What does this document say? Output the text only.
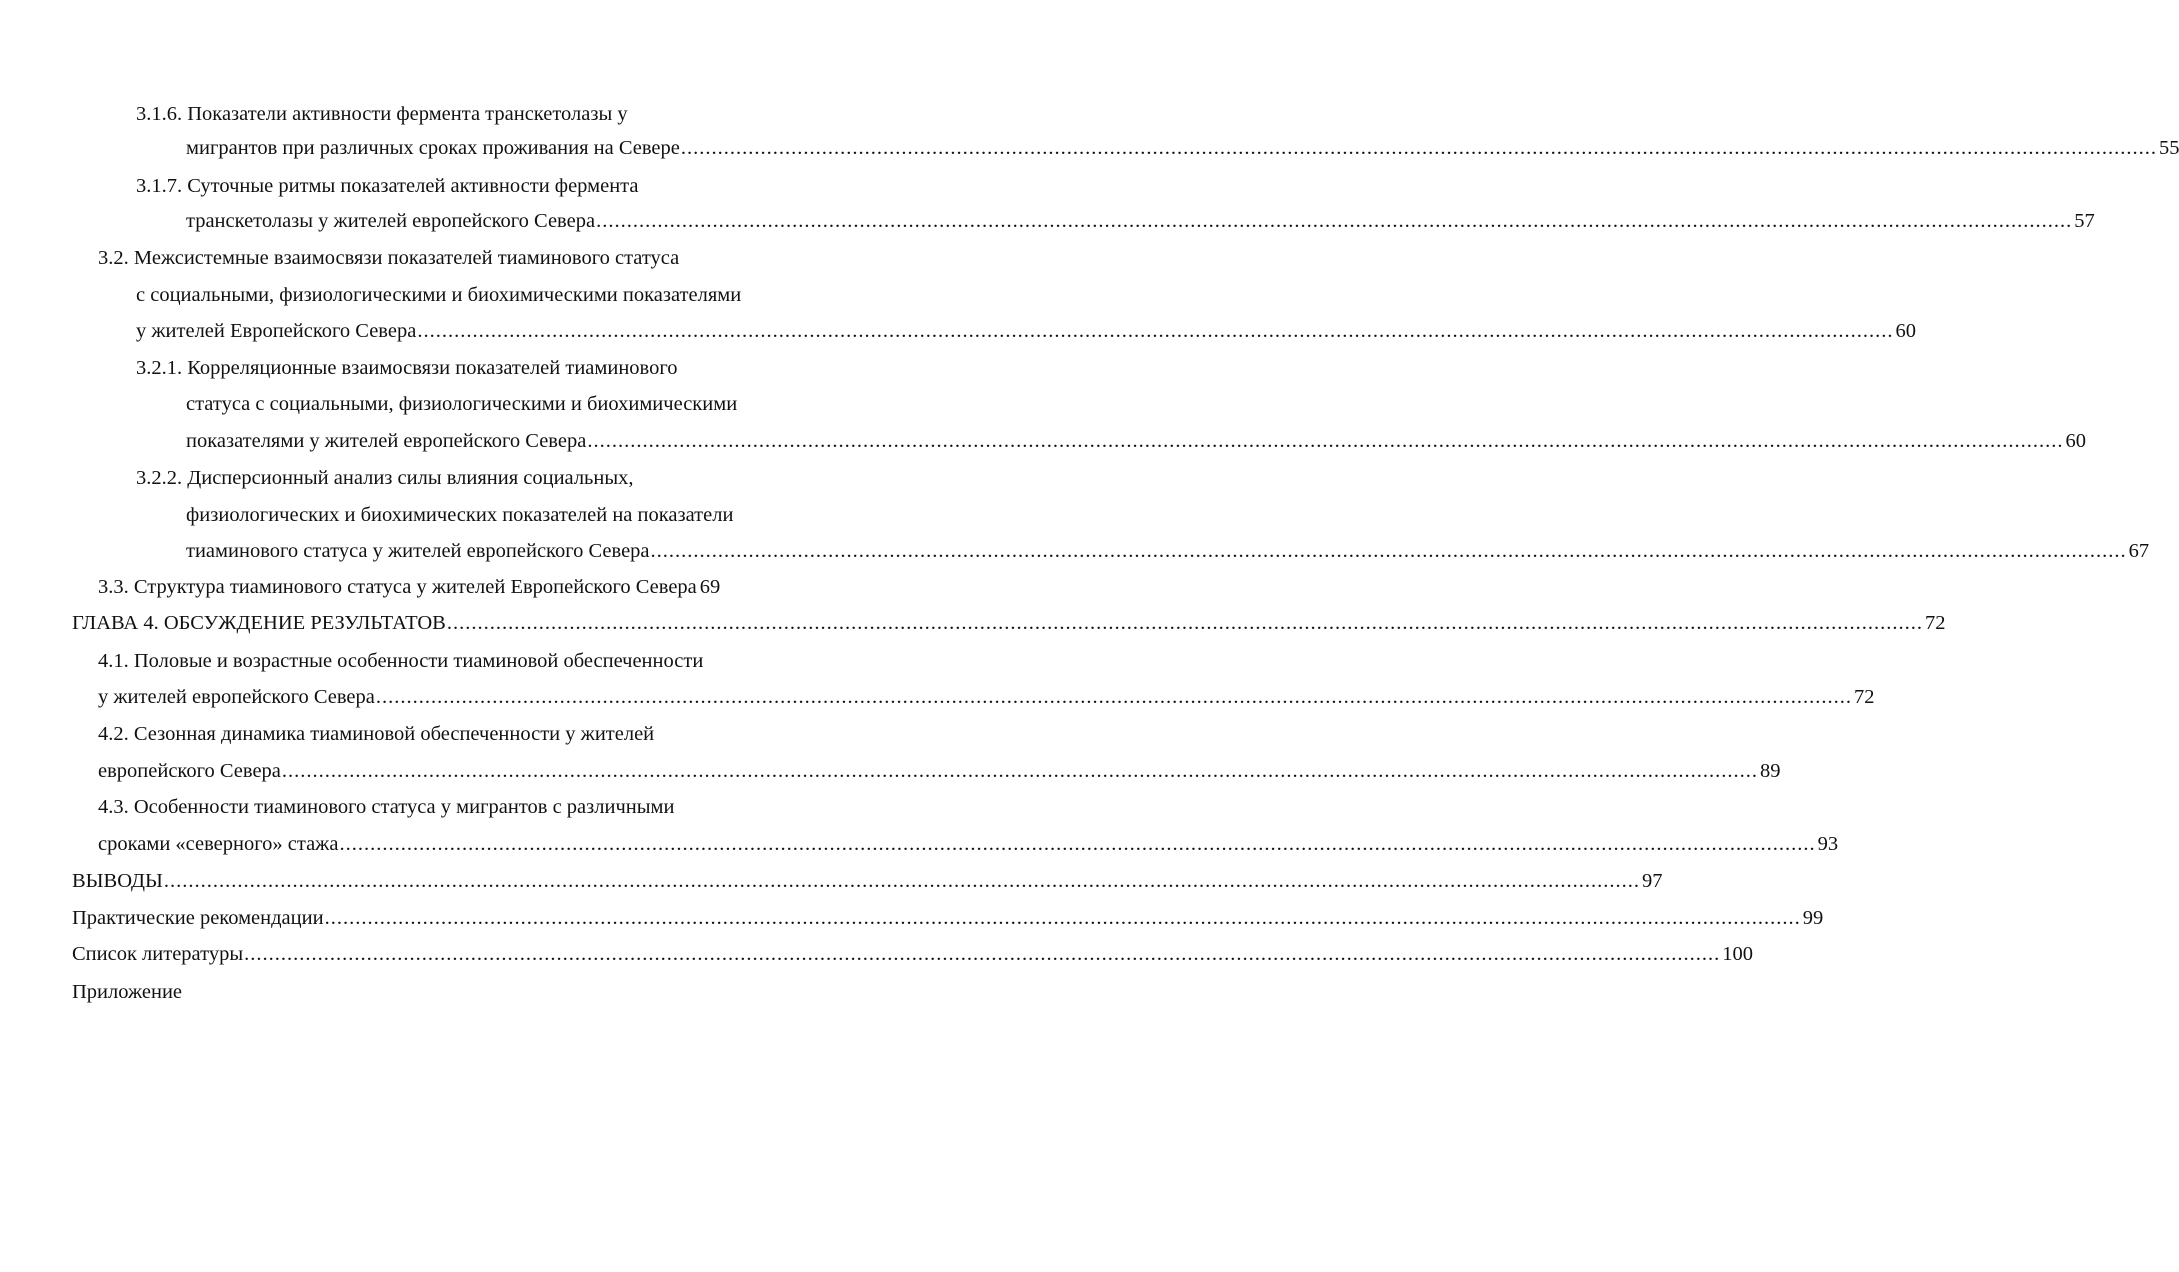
3.1.6. Показатели активности фермента транскетолазы у
мигрантов при различных сроках проживания на Севере .....	55
3.1.7. Суточные ритмы показателей активности фермента
транскетолазы у жителей европейского Севера .....	57
3.2. Межсистемные взаимосвязи показателей тиаминового статуса
с социальными, физиологическими и биохимическими показателями
у жителей Европейского Севера .....	60
3.2.1. Корреляционные взаимосвязи показателей тиаминового
статуса с социальными, физиологическими и биохимическими
показателями у жителей европейского Севера .....	60
3.2.2. Дисперсионный анализ силы влияния социальных,
физиологических и биохимических показателей на показатели
тиаминового статуса у жителей европейского Севера .....	67
3.3. Структура тиаминового статуса у жителей Европейского Севера 69
ГЛАВА 4. ОБСУЖДЕНИЕ РЕЗУЛЬТАТОВ .....	72
4.1. Половые и возрастные особенности тиаминовой обеспеченности
у жителей европейского Севера .....	72
4.2. Сезонная динамика тиаминовой обеспеченности у жителей
европейского Севера .....	89
4.3. Особенности тиаминового статуса у мигрантов с различными
сроками «северного» стажа .....	93
ВЫВОДЫ .....	97
Практические рекомендации .....	99
Список литературы .....	100
Приложение
